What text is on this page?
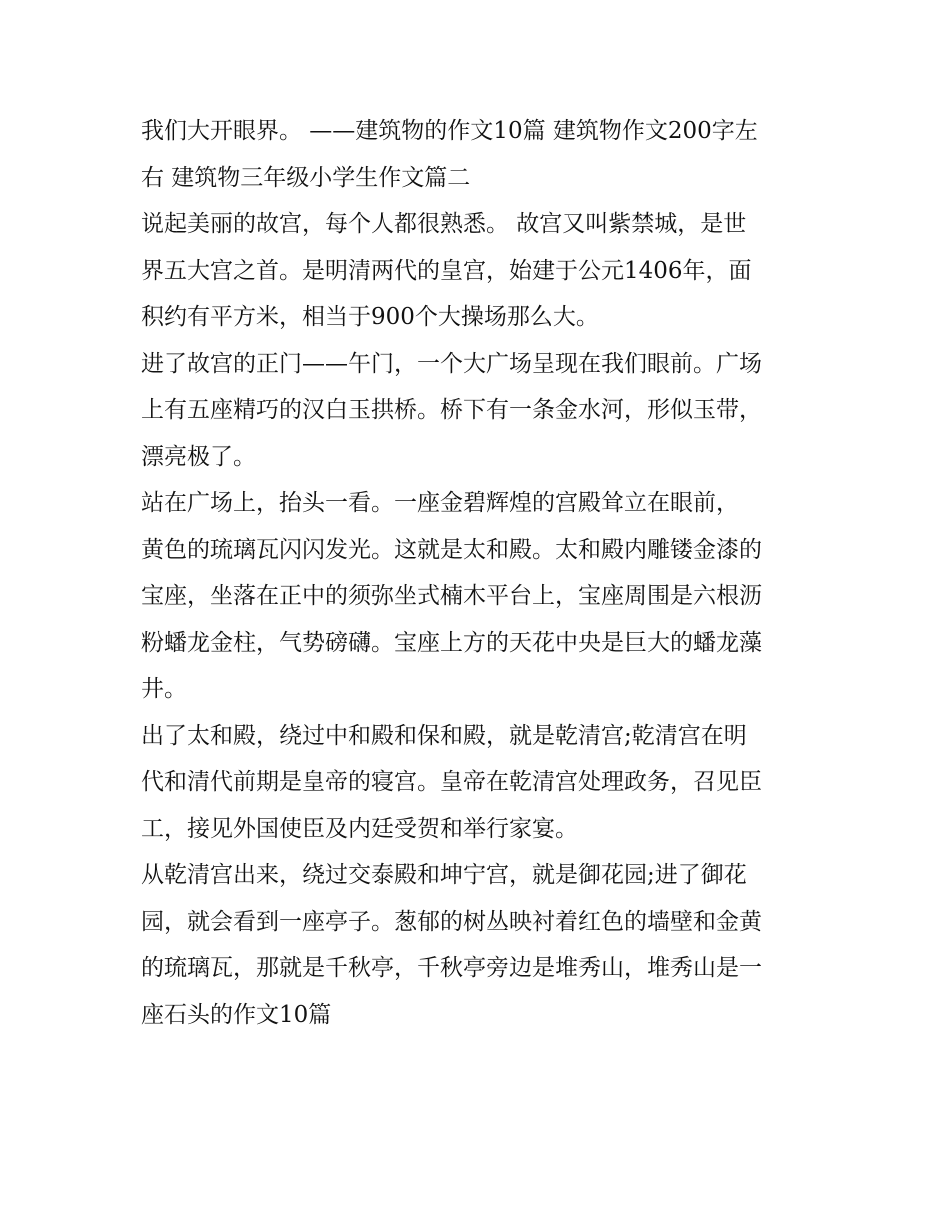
我们大开眼界。 ——建筑物的作文10篇 建筑物作文200字左
右 建筑物三年级小学生作文篇二
说起美丽的故宫，每个人都很熟悉。 故宫又叫紫禁城，是世
界五大宫之首。是明清两代的皇宫，始建于公元1406年，面
积约有平方米，相当于900个大操场那么大。
进了故宫的正门——午门，一个大广场呈现在我们眼前。广场
上有五座精巧的汉白玉拱桥。桥下有一条金水河，形似玉带，
漂亮极了。
站在广场上，抬头一看。一座金碧辉煌的宫殿耸立在眼前，
黄色的琉璃瓦闪闪发光。这就是太和殿。太和殿内雕镂金漆的
宝座，坐落在正中的须弥坐式楠木平台上，宝座周围是六根沥
粉蟠龙金柱，气势磅礴。宝座上方的天花中央是巨大的蟠龙藻
井。
出了太和殿，绕过中和殿和保和殿，就是乾清宫;乾清宫在明
代和清代前期是皇帝的寝宫。皇帝在乾清宫处理政务，召见臣
工，接见外国使臣及内廷受贺和举行家宴。
从乾清宫出来，绕过交泰殿和坤宁宫，就是御花园;进了御花
园，就会看到一座亭子。葱郁的树丛映衬着红色的墙壁和金黄
的琉璃瓦，那就是千秋亭，千秋亭旁边是堆秀山，堆秀山是一
座石头的作文10篇
